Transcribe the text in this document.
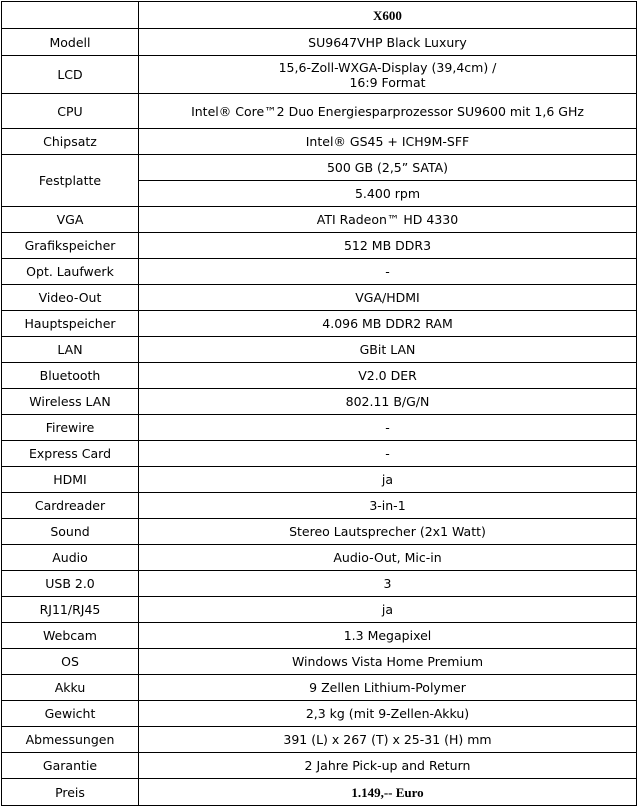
	X600
Modell	SU9647VHP Black Luxury
LCD	15,6-Zoll-WXGA-Display (39,4cm) /
16:9 Format
CPU	Intel® Core™2 Duo Energiesparprozessor SU9600 mit 1,6 GHz
Chipsatz	Intel® GS45 + ICH9M-SFF
Festplatte	500 GB (2,5” SATA)
	5.400 rpm
VGA	ATI Radeon™ HD 4330
Grafikspeicher	512 MB DDR3
Opt. Laufwerk	-
Video-Out	VGA/HDMI
Hauptspeicher	4.096 MB DDR2 RAM
LAN	GBit LAN
Bluetooth	V2.0 DER
Wireless LAN	802.11 B/G/N
Firewire	-
Express Card	-
HDMI	ja
Cardreader	3-in-1
Sound	Stereo Lautsprecher (2x1 Watt)
Audio	Audio-Out, Mic-in
USB 2.0	3
RJ11/RJ45	ja
Webcam	1.3 Megapixel
OS	Windows Vista Home Premium
Akku	9 Zellen Lithium-Polymer
Gewicht	2,3 kg (mit 9-Zellen-Akku)
Abmessungen	391 (L) x 267 (T) x 25-31 (H) mm
Garantie	2 Jahre Pick-up and Return
Preis	1.149,-- Euro
